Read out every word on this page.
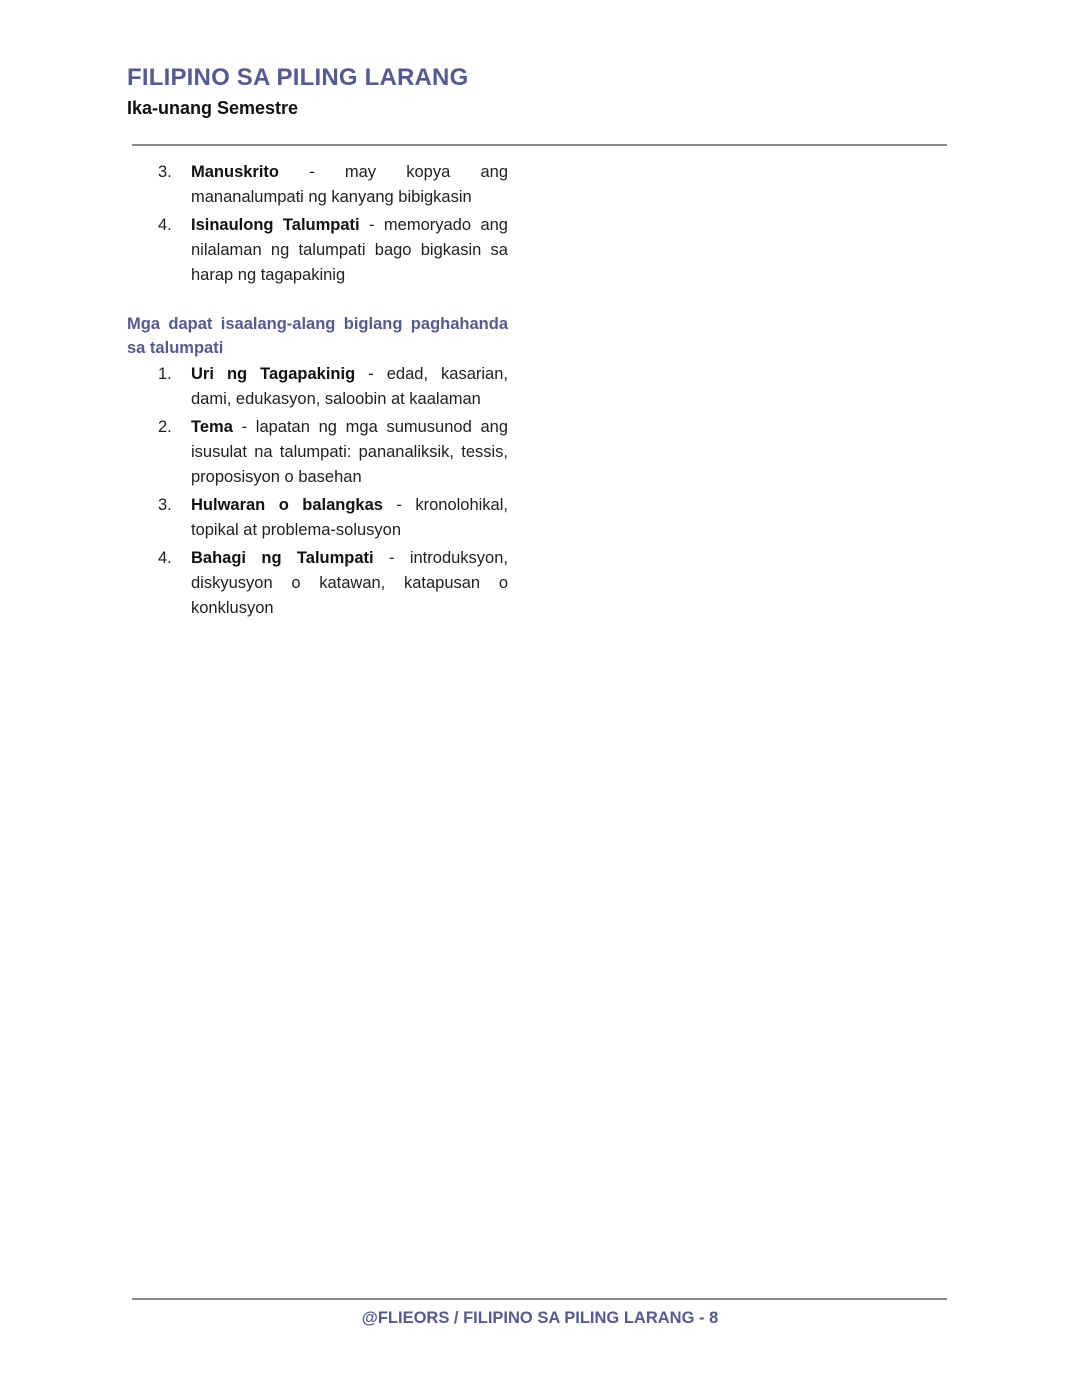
FILIPINO SA PILING LARANG
Ika-unang Semestre
3. Manuskrito - may kopya ang mananalumpati ng kanyang bibigkasin
4. Isinaulong Talumpati - memoryado ang nilalaman ng talumpati bago bigkasin sa harap ng tagapakinig
Mga dapat isaalang-alang biglang paghahanda sa talumpati
1. Uri ng Tagapakinig - edad, kasarian, dami, edukasyon, saloobin at kaalaman
2. Tema - lapatan ng mga sumusunod ang isusulat na talumpati: pananaliksik, tessis, proposisyon o basehan
3. Hulwaran o balangkas - kronolohikal, topikal at problema-solusyon
4. Bahagi ng Talumpati - introduksyon, diskyusyon o katawan, katapusan o konklusyon
@FLIEORS / FILIPINO SA PILING LARANG - 8
